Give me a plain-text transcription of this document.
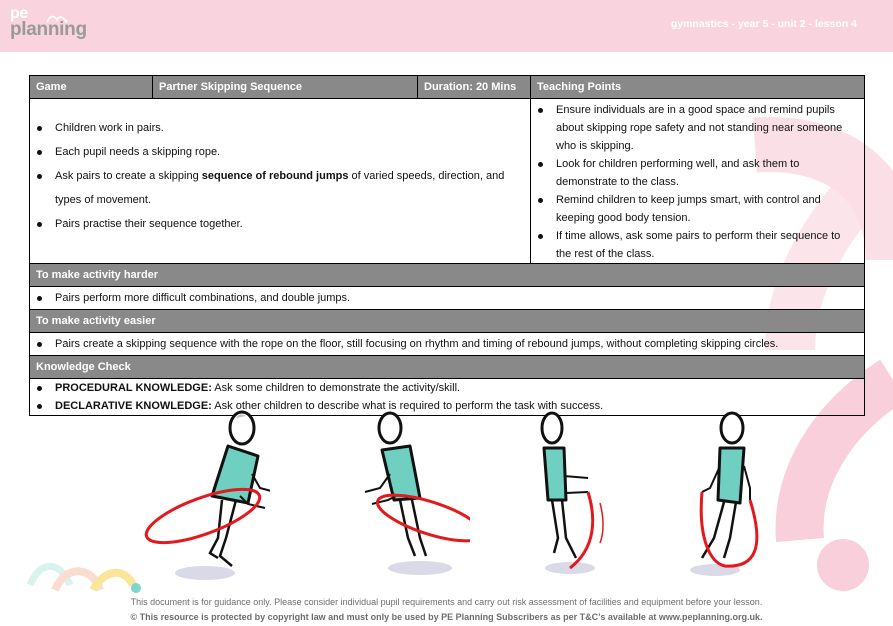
pe
planning	gymnastics - year 5 - unit 2 - lesson 4
Game	Partner Skipping Sequence	Duration: 20 Mins	Teaching Points

Children work in pairs.
Each pupil needs a skipping rope.
Ask pairs to create a skipping sequence of rebound jumps of varied speeds, direction, and types of movement.
Pairs practise their sequence together.

Ensure individuals are in a good space and remind pupils about skipping rope safety and not standing near someone who is skipping.
Look for children performing well, and ask them to demonstrate to the class.
Remind children to keep jumps smart, with control and keeping good body tension.
If time allows, ask some pairs to perform their sequence to the rest of the class.

To make activity harder			

Pairs perform more difficult combinations, and double jumps.

To make activity easier			

Pairs create a skipping sequence with the rope on the floor, still focusing on rhythm and timing of rebound jumps, without completing skipping circles.

Knowledge Check			

PROCEDURAL KNOWLEDGE: Ask some children to demonstrate the activity/skill.
DECLARATIVE KNOWLEDGE: Ask other children to describe what is required to perform the task with success.
This document is for guidance only. Please consider individual pupil requirements and carry out risk assessment of facilities and equipment before your lesson.
© This resource is protected by copyright law and must only be used by PE Planning Subscribers as per T&C’s available at www.peplanning.org.uk.
